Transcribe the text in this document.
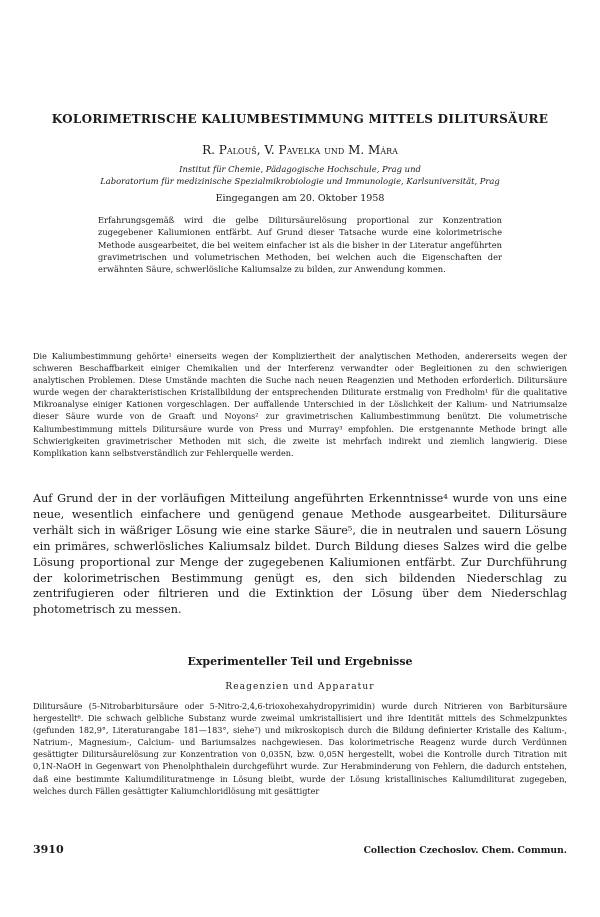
KOLORIMETRISCHE KALIUMBESTIMMUNG MITTELS DILITURSÄURE
R. Palouš, V. Pavelka und M. Mára
Institut für Chemie, Pädagogische Hochschule, Prag und
Laboratorium für medizinische Spezialmikrobiologie und Immunologie, Karlsuniversität, Prag
Eingegangen am 20. Oktober 1958

Erfahrungsgemäß wird die gelbe Dilitursäurelösung proportional zur Konzentration zugegebener Kaliumionen entfärbt. Auf Grund dieser Tatsache wurde eine kolorimetrische Methode ausgearbeitet, die bei weitem einfacher ist als die bisher in der Literatur angeführten gravimetrischen und volumetrischen Methoden, bei welchen auch die Eigenschaften der erwähnten Säure, schwerlösliche Kaliumsalze zu bilden, zur Anwendung kommen.

Die Kaliumbestimmung gehörte¹ einerseits wegen der Kompliziertheit der analytischen Methoden, andererseits wegen der schweren Beschaffbarkeit einiger Chemikalien und der Interferenz verwandter oder Begleitionen zu den schwierigen analytischen Problemen. Diese Umstände machten die Suche nach neuen Reagenzien und Methoden erforderlich. Dilitursäure wurde wegen der charakteristischen Kristallbildung der entsprechenden Diliturate erstmalig von Fredholm¹ für die qualitative Mikroanalyse einiger Kationen vorgeschlagen. Der auffallende Unterschied in der Löslichkeit der Kalium- und Natriumsalze dieser Säure wurde von de Graaft und Noyons² zur gravimetrischen Kaliumbestimmung benützt. Die volumetrische Kaliumbestimmung mittels Dilitursäure wurde von Press und Murray³ empfohlen. Die erstgenannte Methode bringt alle Schwierigkeiten gravimetrischer Methoden mit sich, die zweite ist mehrfach indirekt und ziemlich langwierig. Diese Komplikation kann selbstverständlich zur Fehlerquelle werden.

Auf Grund der in der vorläufigen Mitteilung angeführten Erkenntnisse⁴ wurde von uns eine neue, wesentlich einfachere und genügend genaue Methode ausgearbeitet. Dilitursäure verhält sich in wäßriger Lösung wie eine starke Säure⁵, die in neutralen und sauern Lösung ein primäres, schwerlösliches Kaliumsalz bildet. Durch Bildung dieses Salzes wird die gelbe Lösung proportional zur Menge der zugegebenen Kaliumionen entfärbt. Zur Durchführung der kolorimetrischen Bestimmung genügt es, den sich bildenden Niederschlag zu zentrifugieren oder filtrieren und die Extinktion der Lösung über dem Niederschlag photometrisch zu messen.

Experimenteller Teil und Ergebnisse
Reagenzien und Apparatur

Dilitursäure (5-Nitrobarbitursäure oder 5-Nitro-2,4,6-trioxohexahydropyrimidin) wurde durch Nitrieren von Barbitursäure hergestellt⁶. Die schwach gelbliche Substanz wurde zweimal umkristallisiert und ihre Identität mittels des Schmelzpunktes (gefunden 182,9°, Literaturangabe 181—183°, siehe⁷) und mikroskopisch durch die Bildung definierter Kristalle des Kalium-, Natrium-, Magnesium-, Calcium- und Bariumsalzes nachgewiesen. Das kolorimetrische Reagenz wurde durch Verdünnen gesättigter Dilitursäurelösung zur Konzentration von 0,035N, bzw. 0,05N hergestellt, wobei die Kontrolle durch Titration mit 0,1N-NaOH in Gegenwart von Phenolphthalein durchgeführt wurde. Zur Herabminderung von Fehlern, die dadurch entstehen, daß eine bestimmte Kaliumdilituratmenge in Lösung bleibt, wurde der Lösung kristallinisches Kaliumdiliturat zugegeben, welches durch Fällen gesättigter Kaliumchloridlösung mit gesättigter

3910	Collection Czechoslov. Chem. Commun.
